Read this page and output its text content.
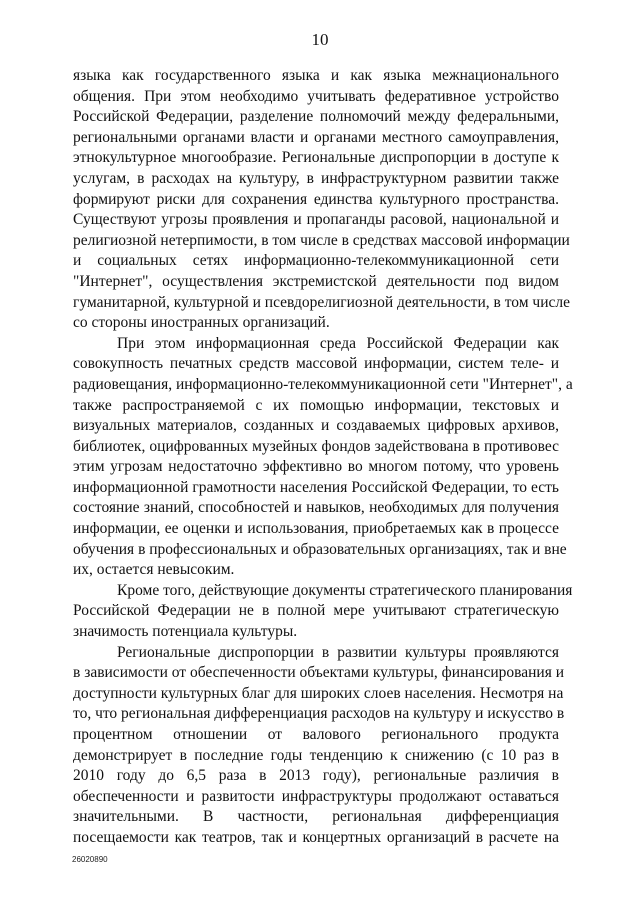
10
языка как государственного языка и как языка межнационального
общения. При этом необходимо учитывать федеративное устройство
Российской Федерации, разделение полномочий между федеральными,
региональными органами власти и органами местного самоуправления,
этнокультурное многообразие. Региональные диспропорции в доступе к
услугам, в расходах на культуру, в инфраструктурном развитии также
формируют риски для сохранения единства культурного пространства.
Существуют угрозы проявления и пропаганды расовой, национальной и
религиозной нетерпимости, в том числе в средствах массовой информации
и социальных сетях информационно-телекоммуникационной сети
"Интернет", осуществления экстремистской деятельности под видом
гуманитарной, культурной и псевдорелигиозной деятельности, в том числе
со стороны иностранных организаций.
При этом информационная среда Российской Федерации как
совокупность печатных средств массовой информации, систем теле- и
радиовещания, информационно-телекоммуникационной сети "Интернет", а
также распространяемой с их помощью информации, текстовых и
визуальных материалов, созданных и создаваемых цифровых архивов,
библиотек, оцифрованных музейных фондов задействована в противовес
этим угрозам недостаточно эффективно во многом потому, что уровень
информационной грамотности населения Российской Федерации, то есть
состояние знаний, способностей и навыков, необходимых для получения
информации, ее оценки и использования, приобретаемых как в процессе
обучения в профессиональных и образовательных организациях, так и вне
их, остается невысоким.
Кроме того, действующие документы стратегического планирования
Российской Федерации не в полной мере учитывают стратегическую
значимость потенциала культуры.
Региональные диспропорции в развитии культуры проявляются
в зависимости от обеспеченности объектами культуры, финансирования и
доступности культурных благ для широких слоев населения. Несмотря на
то, что региональная дифференциация расходов на культуру и искусство в
процентном отношении от валового регионального продукта
демонстрирует в последние годы тенденцию к снижению (с 10 раз в
2010 году до 6,5 раза в 2013 году), региональные различия в
обеспеченности и развитости инфраструктуры продолжают оставаться
значительными. В частности, региональная дифференциация
посещаемости как театров, так и концертных организаций в расчете на
26020890
